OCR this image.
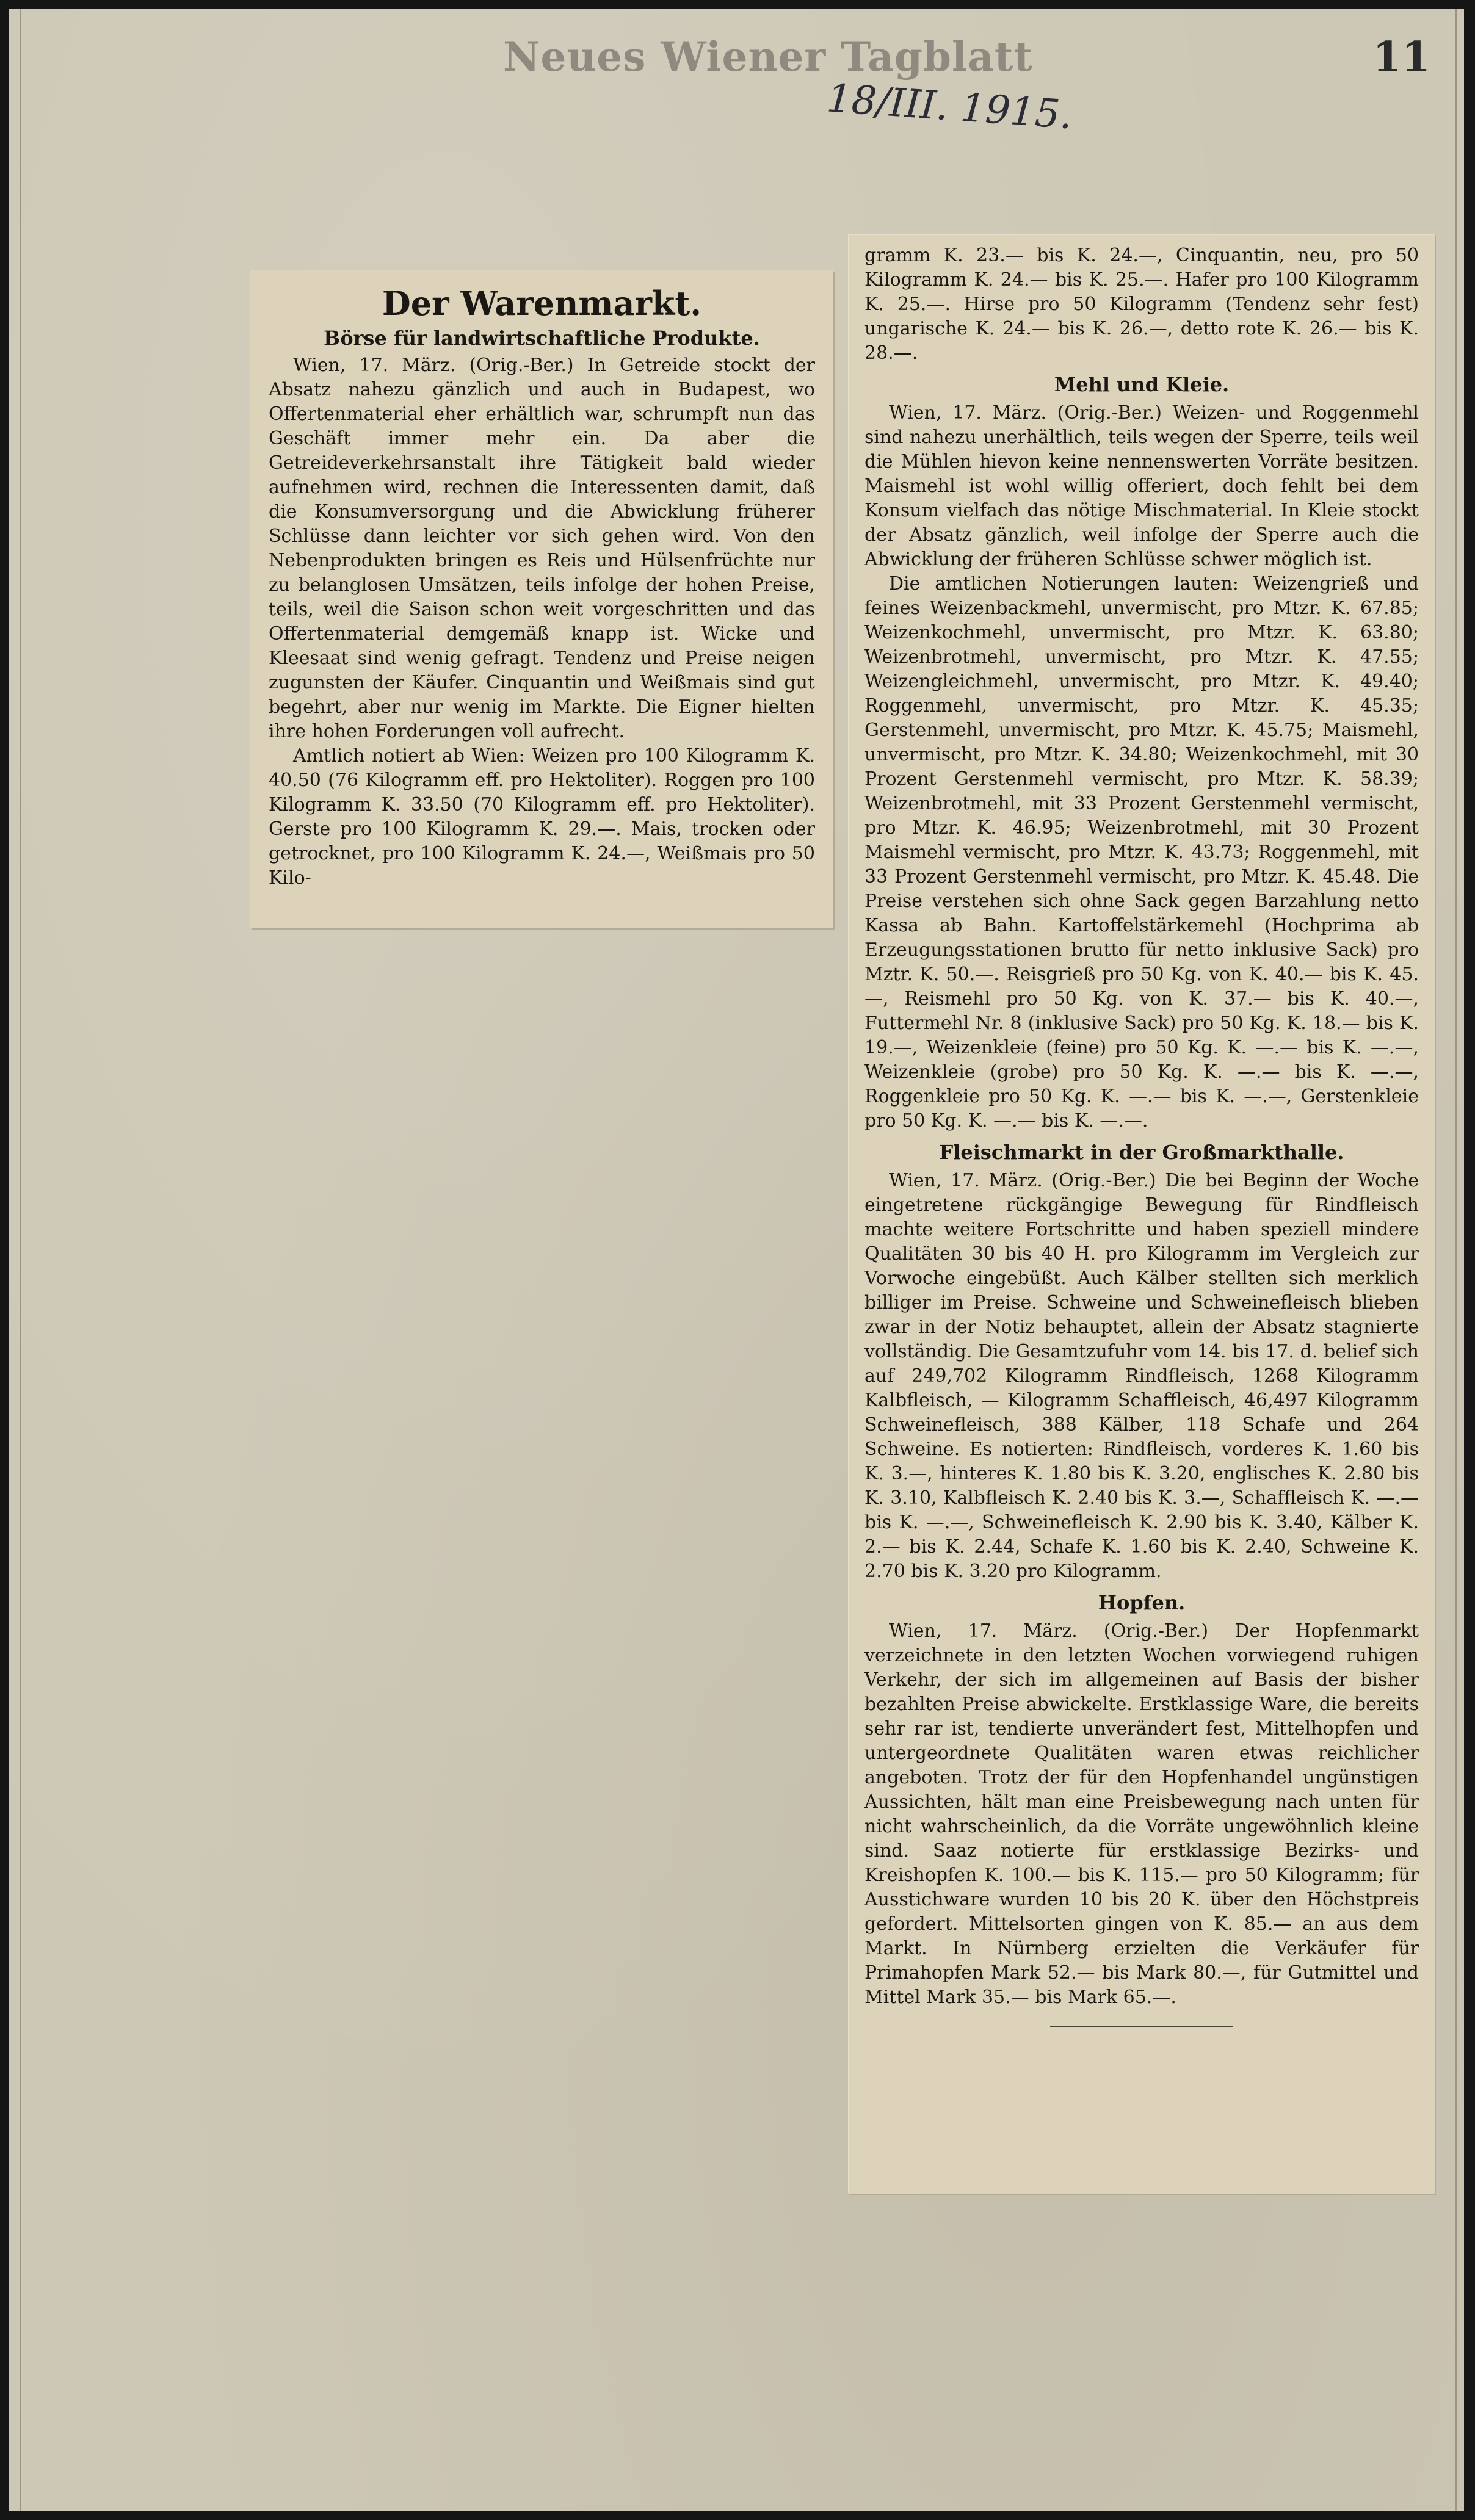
Neues Wiener Tagblatt	11
18/III. 1915.
Der Warenmarkt.
Börse für landwirtschaftliche Produkte.

Wien, 17. März. (Orig.-Ber.) In Getreide stockt der Absatz nahezu gänzlich und auch in Budapest, wo Offertenmaterial eher erhältlich war, schrumpft nun das Geschäft immer mehr ein. Da aber die Getreideverkehrsanstalt ihre Tätigkeit bald wieder aufnehmen wird, rechnen die Interessenten damit, daß die Konsumversorgung und die Abwicklung früherer Schlüsse dann leichter vor sich gehen wird. Von den Nebenprodukten bringen es Reis und Hülsenfrüchte nur zu belanglosen Umsätzen, teils infolge der hohen Preise, teils, weil die Saison schon weit vorgeschritten und das Offertenmaterial demgemäß knapp ist. Wicke und Kleesaat sind wenig gefragt. Tendenz und Preise neigen zugunsten der Käufer. Cinquantin und Weißmais sind gut begehrt, aber nur wenig im Markte. Die Eigner hielten ihre hohen Forderungen voll aufrecht.

Amtlich notiert ab Wien: Weizen pro 100 Kilogramm K. 40.50 (76 Kilogramm eff. pro Hektoliter). Roggen pro 100 Kilogramm K. 33.50 (70 Kilogramm eff. pro Hektoliter). Gerste pro 100 Kilogramm K. 29.—. Mais, trocken oder getrocknet, pro 100 Kilogramm K. 24.—, Weißmais pro 50 Kilo-

gramm K. 23.— bis K. 24.—, Cinquantin, neu, pro 50 Kilogramm K. 24.— bis K. 25.—. Hafer pro 100 Kilogramm K. 25.—. Hirse pro 50 Kilogramm (Tendenz sehr fest) ungarische K. 24.— bis K. 26.—, detto rote K. 26.— bis K. 28.—.

Mehl und Kleie.

Wien, 17. März. (Orig.-Ber.) Weizen- und Roggenmehl sind nahezu unerhältlich, teils wegen der Sperre, teils weil die Mühlen hievon keine nennenswerten Vorräte besitzen. Maismehl ist wohl willig offeriert, doch fehlt bei dem Konsum vielfach das nötige Mischmaterial. In Kleie stockt der Absatz gänzlich, weil infolge der Sperre auch die Abwicklung der früheren Schlüsse schwer möglich ist.

Die amtlichen Notierungen lauten: Weizengrieß und feines Weizenbackmehl, unvermischt, pro Mtzr. K. 67.85; Weizenkochmehl, unvermischt, pro Mtzr. K. 63.80; Weizenbrotmehl, unvermischt, pro Mtzr. K. 47.55; Weizengleichmehl, unvermischt, pro Mtzr. K. 49.40; Roggenmehl, unvermischt, pro Mtzr. K. 45.35; Gerstenmehl, unvermischt, pro Mtzr. K. 45.75; Maismehl, unvermischt, pro Mtzr. K. 34.80; Weizenkochmehl, mit 30 Prozent Gerstenmehl vermischt, pro Mtzr. K. 58.39; Weizenbrotmehl, mit 33 Prozent Gerstenmehl vermischt, pro Mtzr. K. 46.95; Weizenbrotmehl, mit 30 Prozent Maismehl vermischt, pro Mtzr. K. 43.73; Roggenmehl, mit 33 Prozent Gerstenmehl vermischt, pro Mtzr. K. 45.48. Die Preise verstehen sich ohne Sack gegen Barzahlung netto Kassa ab Bahn. Kartoffelstärkemehl (Hochprima ab Erzeugungsstationen brutto für netto inklusive Sack) pro Mztr. K. 50.—. Reisgrieß pro 50 Kg. von K. 40.— bis K. 45.—, Reismehl pro 50 Kg. von K. 37.— bis K. 40.—, Futtermehl Nr. 8 (inklusive Sack) pro 50 Kg. K. 18.— bis K. 19.—, Weizenkleie (feine) pro 50 Kg. K. —.— bis K. —.—, Weizenkleie (grobe) pro 50 Kg. K. —.— bis K. —.—, Roggenkleie pro 50 Kg. K. —.— bis K. —.—, Gerstenkleie pro 50 Kg. K. —.— bis K. —.—.

Fleischmarkt in der Großmarkthalle.

Wien, 17. März. (Orig.-Ber.) Die bei Beginn der Woche eingetretene rückgängige Bewegung für Rindfleisch machte weitere Fortschritte und haben speziell mindere Qualitäten 30 bis 40 H. pro Kilogramm im Vergleich zur Vorwoche eingebüßt. Auch Kälber stellten sich merklich billiger im Preise. Schweine und Schweinefleisch blieben zwar in der Notiz behauptet, allein der Absatz stagnierte vollständig. Die Gesamtzufuhr vom 14. bis 17. d. belief sich auf 249,702 Kilogramm Rindfleisch, 1268 Kilogramm Kalbfleisch, — Kilogramm Schaffleisch, 46,497 Kilogramm Schweinefleisch, 388 Kälber, 118 Schafe und 264 Schweine. Es notierten: Rindfleisch, vorderes K. 1.60 bis K. 3.—, hinteres K. 1.80 bis K. 3.20, englisches K. 2.80 bis K. 3.10, Kalbfleisch K. 2.40 bis K. 3.—, Schaffleisch K. —.— bis K. —.—, Schweinefleisch K. 2.90 bis K. 3.40, Kälber K. 2.— bis K. 2.44, Schafe K. 1.60 bis K. 2.40, Schweine K. 2.70 bis K. 3.20 pro Kilogramm.

Hopfen.

Wien, 17. März. (Orig.-Ber.) Der Hopfenmarkt verzeichnete in den letzten Wochen vorwiegend ruhigen Verkehr, der sich im allgemeinen auf Basis der bisher bezahlten Preise abwickelte. Erstklassige Ware, die bereits sehr rar ist, tendierte unverändert fest, Mittelhopfen und untergeordnete Qualitäten waren etwas reichlicher angeboten. Trotz der für den Hopfenhandel ungünstigen Aussichten, hält man eine Preisbewegung nach unten für nicht wahrscheinlich, da die Vorräte ungewöhnlich kleine sind. Saaz notierte für erstklassige Bezirks- und Kreishopfen K. 100.— bis K. 115.— pro 50 Kilogramm; für Ausstichware wurden 10 bis 20 K. über den Höchstpreis gefordert. Mittelsorten gingen von K. 85.— an aus dem Markt. In Nürnberg erzielten die Verkäufer für Primahopfen Mark 52.— bis Mark 80.—, für Gutmittel und Mittel Mark 35.— bis Mark 65.—.
